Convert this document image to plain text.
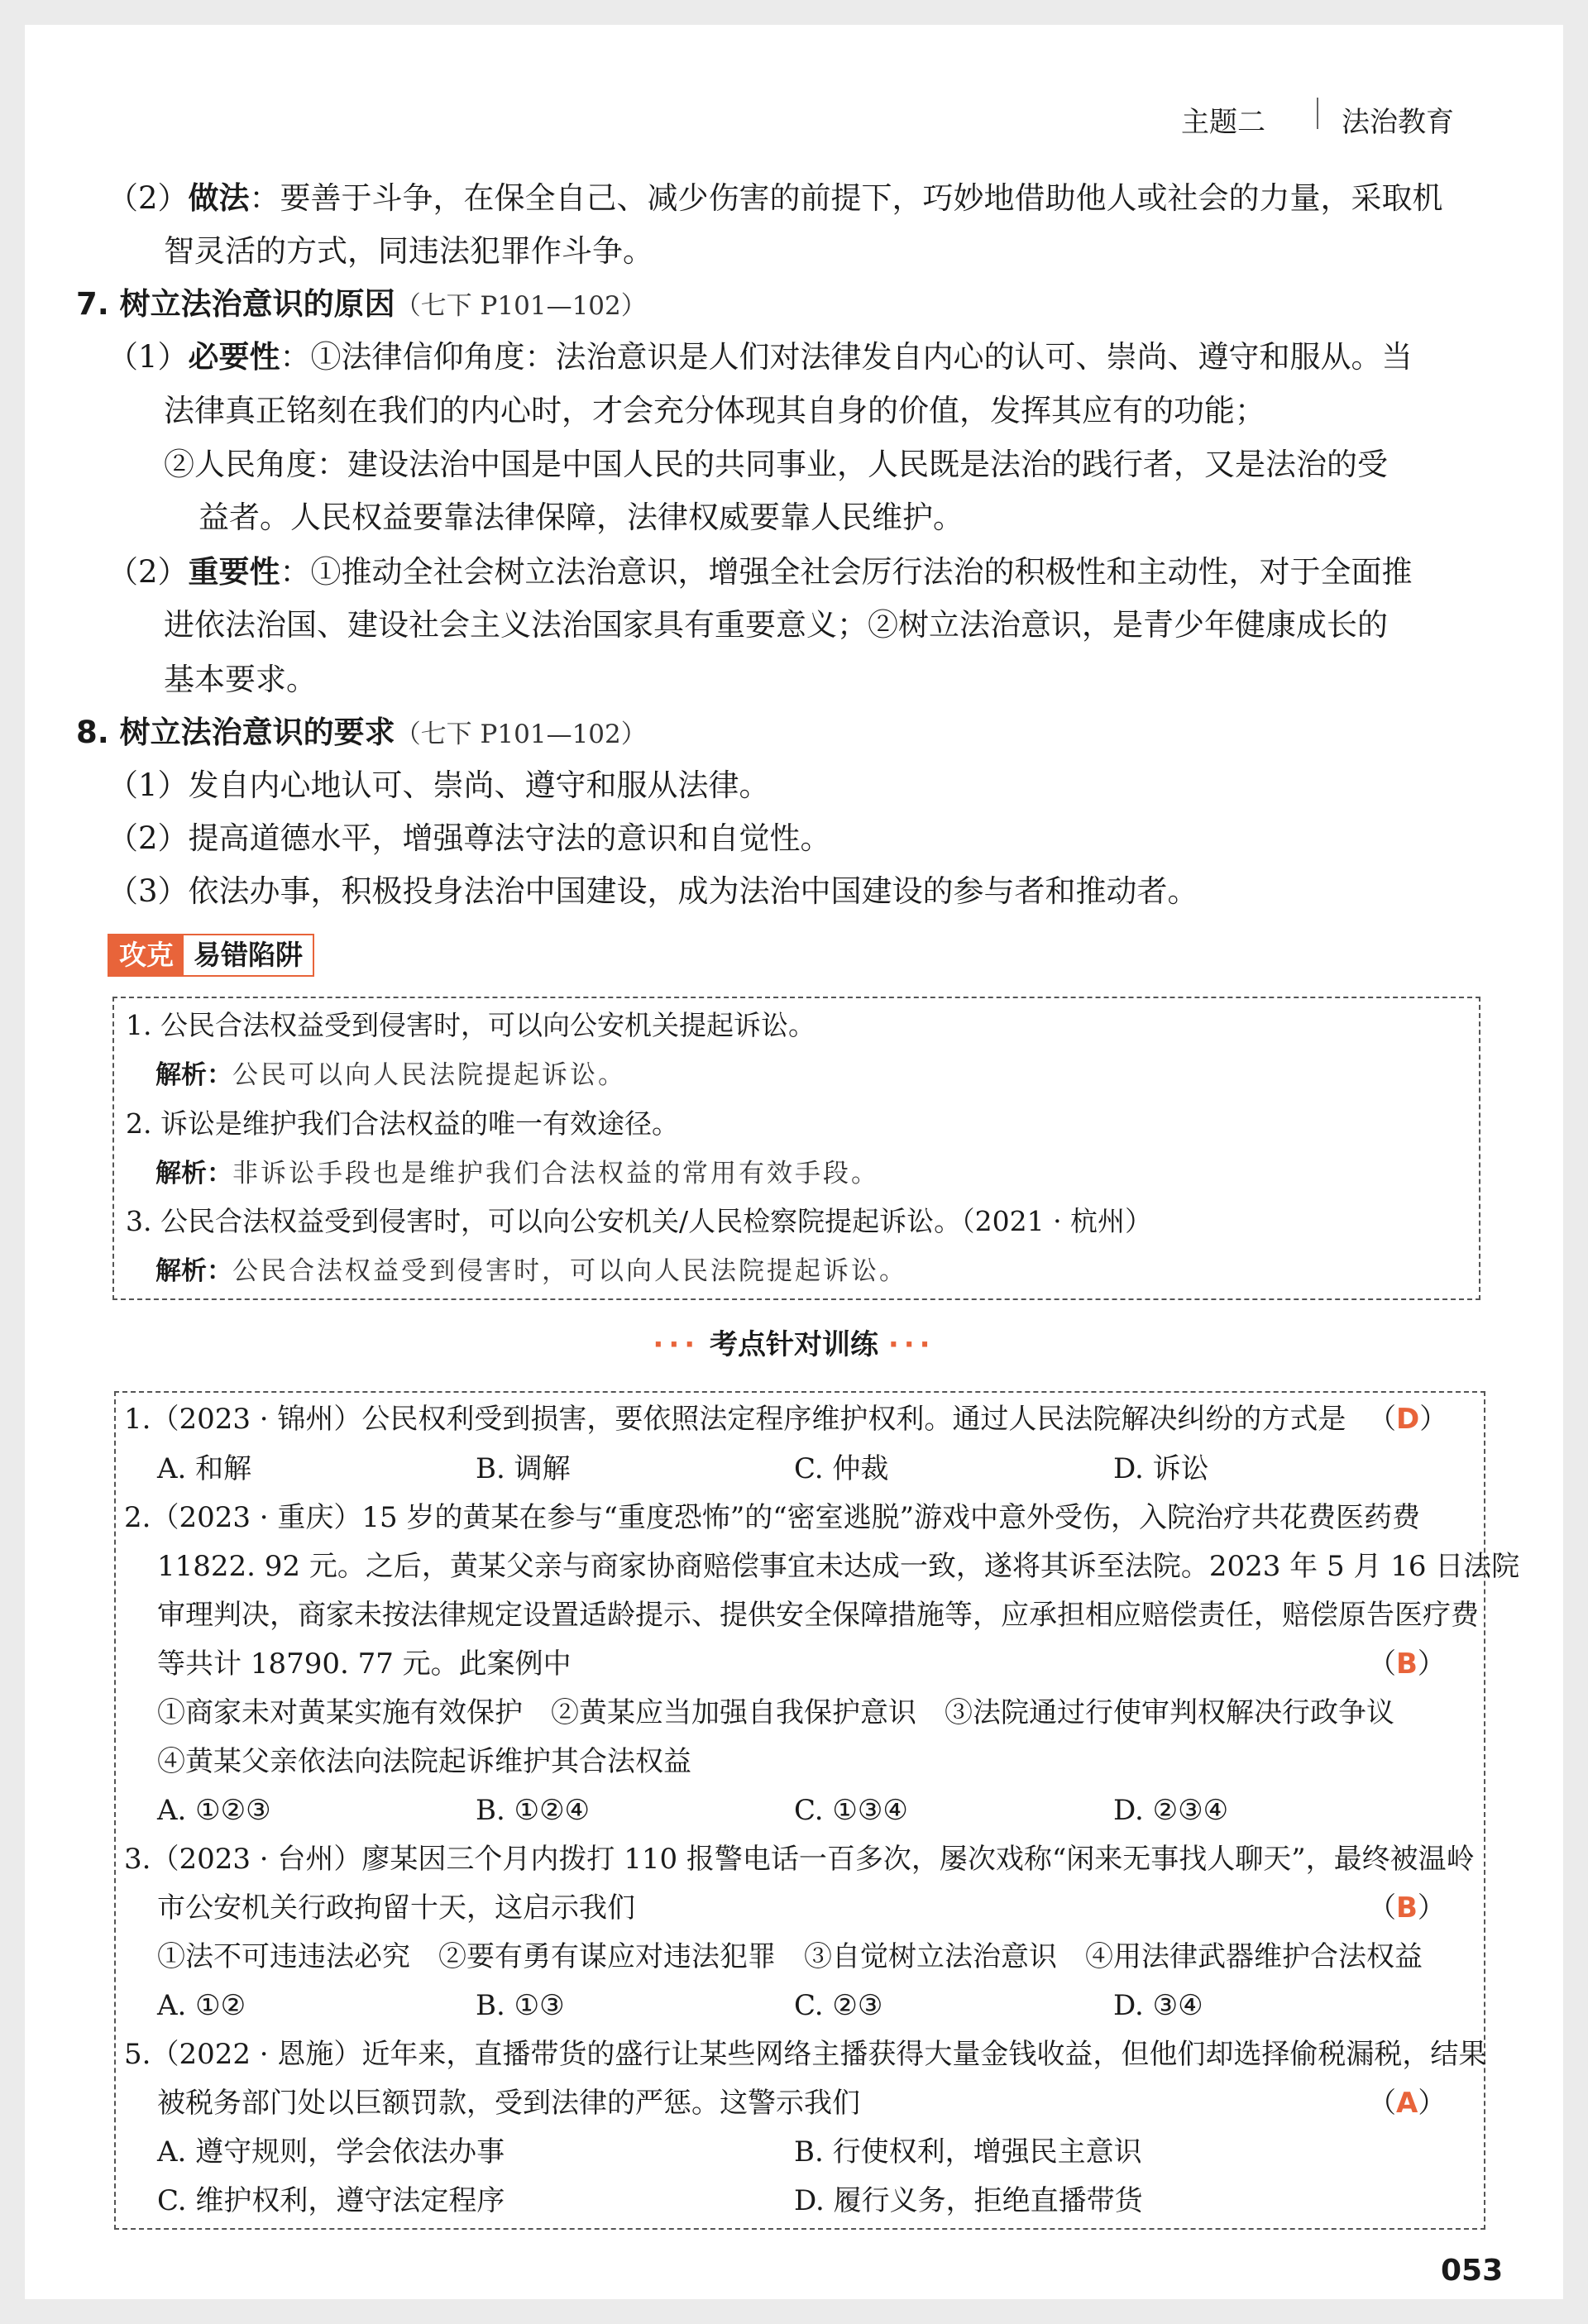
主题二	法治教育
（2）做法：要善于斗争，在保全自己、减少伤害的前提下，巧妙地借助他人或社会的力量，采取机
智灵活的方式，同违法犯罪作斗争。
7. 树立法治意识的原因（七下 P101—102）
（1）必要性：①法律信仰角度：法治意识是人们对法律发自内心的认可、崇尚、遵守和服从。当
法律真正铭刻在我们的内心时，才会充分体现其自身的价值，发挥其应有的功能；
②人民角度：建设法治中国是中国人民的共同事业，人民既是法治的践行者，又是法治的受
益者。人民权益要靠法律保障，法律权威要靠人民维护。
（2）重要性：①推动全社会树立法治意识，增强全社会厉行法治的积极性和主动性，对于全面推
进依法治国、建设社会主义法治国家具有重要意义；②树立法治意识，是青少年健康成长的
基本要求。
8. 树立法治意识的要求（七下 P101—102）
（1）发自内心地认可、崇尚、遵守和服从法律。
（2）提高道德水平，增强尊法守法的意识和自觉性。
（3）依法办事，积极投身法治中国建设，成为法治中国建设的参与者和推动者。
攻克 易错陷阱
1. 公民合法权益受到侵害时，可以向公安机关提起诉讼。
解析：公民可以向人民法院提起诉讼。
2. 诉讼是维护我们合法权益的唯一有效途径。
解析：非诉讼手段也是维护我们合法权益的常用有效手段。
3. 公民合法权益受到侵害时，可以向公安机关/人民检察院提起诉讼。（2021 · 杭州）
解析：公民合法权益受到侵害时，可以向人民法院提起诉讼。
··· 考点针对训练 ···
1.（2023 · 锦州）公民权利受到损害，要依照法定程序维护权利。通过人民法院解决纠纷的方式是 （D）
A. 和解	B. 调解	C. 仲裁	D. 诉讼
2.（2023 · 重庆）15 岁的黄某在参与“重度恐怖”的“密室逃脱”游戏中意外受伤，入院治疗共花费医药费
11822. 92 元。之后，黄某父亲与商家协商赔偿事宜未达成一致，遂将其诉至法院。2023 年 5 月 16 日法院
审理判决，商家未按法律规定设置适龄提示、提供安全保障措施等，应承担相应赔偿责任，赔偿原告医疗费
等共计 18790. 77 元。此案例中	（B）
①商家未对黄某实施有效保护　②黄某应当加强自我保护意识　③法院通过行使审判权解决行政争议
④黄某父亲依法向法院起诉维护其合法权益
A. ①②③	B. ①②④	C. ①③④	D. ②③④
3.（2023 · 台州）廖某因三个月内拨打 110 报警电话一百多次，屡次戏称“闲来无事找人聊天”，最终被温岭
市公安机关行政拘留十天，这启示我们	（B）
①法不可违违法必究　②要有勇有谋应对违法犯罪　③自觉树立法治意识　④用法律武器维护合法权益
A. ①②	B. ①③	C. ②③	D. ③④
5.（2022 · 恩施）近年来，直播带货的盛行让某些网络主播获得大量金钱收益，但他们却选择偷税漏税，结果
被税务部门处以巨额罚款，受到法律的严惩。这警示我们	（A）
A. 遵守规则，学会依法办事	B. 行使权利，增强民主意识
C. 维护权利，遵守法定程序	D. 履行义务，拒绝直播带货
053
